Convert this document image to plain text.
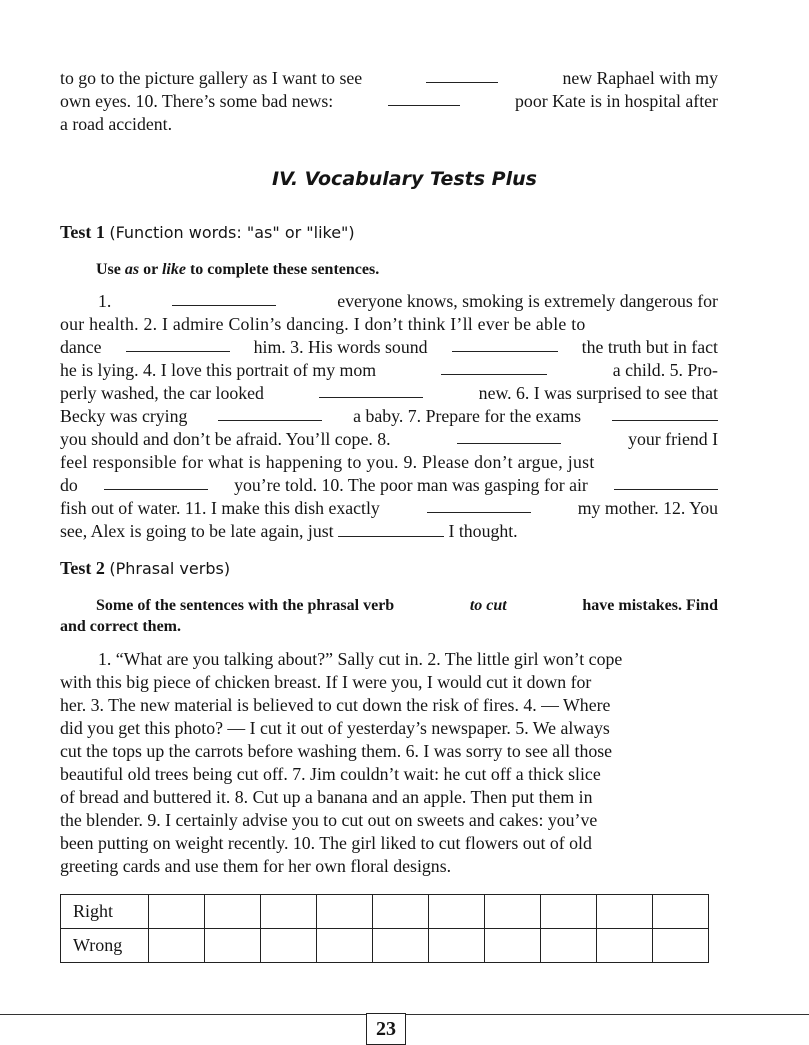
to go to the picture gallery as I want to see	new Raphael with my
own eyes. 10. There’s some bad news:	poor Kate is in hospital after
a road accident.
IV. Vocabulary Tests Plus
Test 1 (Function words: "as" or "like")
Use as or like to complete these sentences.
1.	everyone knows, smoking is extremely dangerous for
our health. 2. I admire Colin’s dancing. I don’t think I’ll ever be able to
dance	him. 3. His words sound	the truth but in fact
he is lying. 4. I love this portrait of my mom	a child. 5. Pro-
perly washed, the car looked	new. 6. I was surprised to see that
Becky was crying	a baby. 7. Prepare for the exams
you should and don’t be afraid. You’ll cope. 8.	your friend I
feel responsible for what is happening to you. 9. Please don’t argue, just
do	you’re told. 10. The poor man was gasping for air
fish out of water. 11. I make this dish exactly	my mother. 12. You
see, Alex is going to be late again, just	I thought.
Test 2 (Phrasal verbs)
Some of the sentences with the phrasal verb	to cut	have mistakes. Find
and correct them.
1. “What are you talking about?” Sally cut in. 2. The little girl won’t cope
with this big piece of chicken breast. If I were you, I would cut it down for
her. 3. The new material is believed to cut down the risk of fires. 4. — Where
did you get this photo? — I cut it out of yesterday’s newspaper. 5. We always
cut the tops up the carrots before washing them. 6. I was sorry to see all those
beautiful old trees being cut off. 7. Jim couldn’t wait: he cut off a thick slice
of bread and buttered it. 8. Cut up a banana and an apple. Then put them in
the blender. 9. I certainly advise you to cut out on sweets and cakes: you’ve
been putting on weight recently. 10. The girl liked to cut flowers out of old
greeting cards and use them for her own floral designs.
Right										
Wrong										
23
